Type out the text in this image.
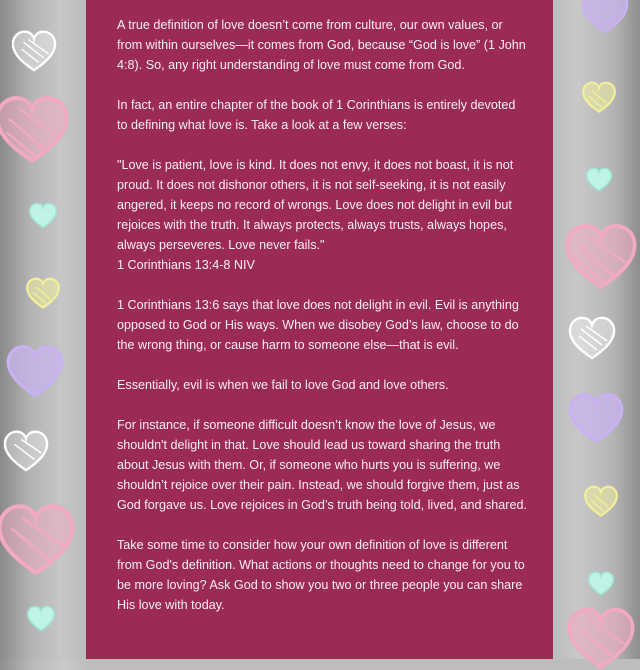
A true definition of love doesn’t come from culture, our own values, or from within ourselves—it comes from God, because “God is love” (1 John 4:8). So, any right understanding of love must come from God.

In fact, an entire chapter of the book of 1 Corinthians is entirely devoted to defining what love is. Take a look at a few verses:

"Love is patient, love is kind. It does not envy, it does not boast, it is not proud. It does not dishonor others, it is not self-seeking, it is not easily angered, it keeps no record of wrongs. Love does not delight in evil but rejoices with the truth. It always protects, always trusts, always hopes, always perseveres. Love never fails."

1 Corinthians 13:4-8 NIV

1 Corinthians 13:6 says that love does not delight in evil. Evil is anything opposed to God or His ways. When we disobey God’s law, choose to do the wrong thing, or cause harm to someone else—that is evil.

Essentially, evil is when we fail to love God and love others.

For instance, if someone difficult doesn’t know the love of Jesus, we shouldn't delight in that. Love should lead us toward sharing the truth about Jesus with them. Or, if someone who hurts you is suffering, we shouldn’t rejoice over their pain. Instead, we should forgive them, just as God forgave us. Love rejoices in God’s truth being told, lived, and shared.

Take some time to consider how your own definition of love is different from God's definition. What actions or thoughts need to change for you to be more loving? Ask God to show you two or three people you can share His love with today.
